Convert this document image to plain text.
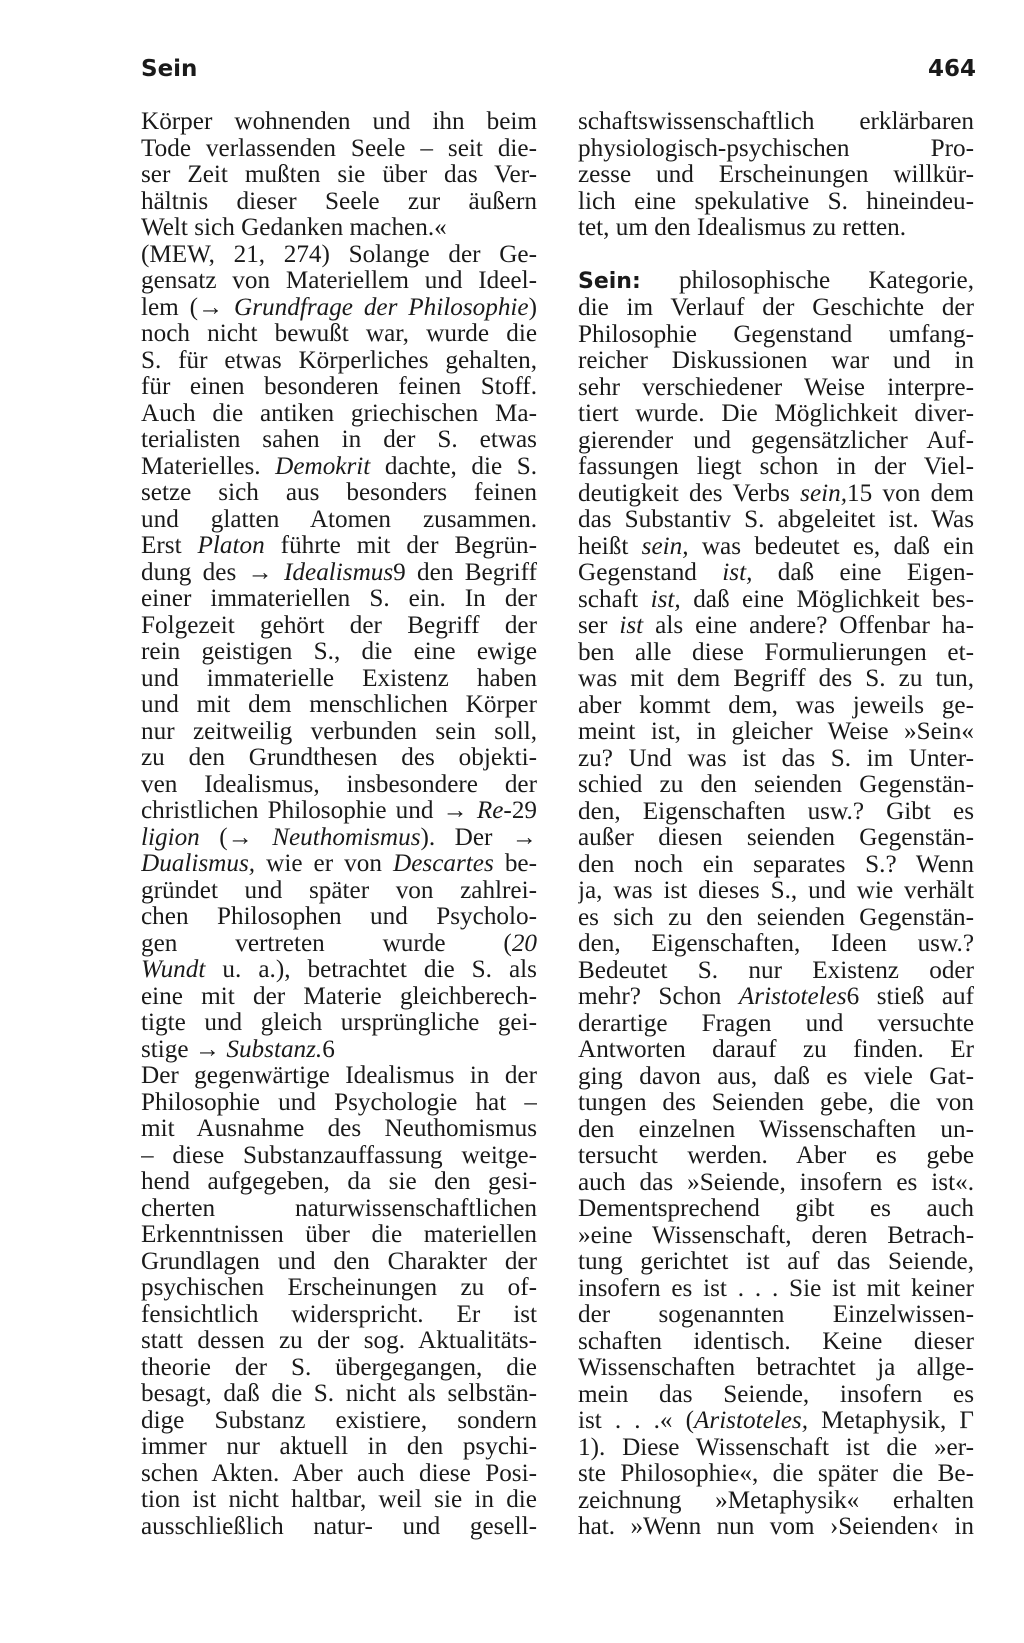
Sein	464
Körper wohnenden und ihn beim
Tode verlassenden Seele – seit die-
ser Zeit mußten sie über das Ver-
hältnis dieser Seele zur äußern
Welt sich Gedanken machen.«
(MEW, 21, 274) Solange der Ge-
gensatz von Materiellem und Ideel-
lem (→ Grundfrage der Philosophie)
noch nicht bewußt war, wurde die
S. für etwas Körperliches gehalten,
für einen besonderen feinen Stoff.
Auch die antiken griechischen Ma-
terialisten sahen in der S. etwas
Materielles. Demokrit dachte, die S.
setze sich aus besonders feinen
und glatten Atomen zusammen.
Erst Platon führte mit der Begrün-
dung des → Idealismus9 den Begriff
einer immateriellen S. ein. In der
Folgezeit gehört der Begriff der
rein geistigen S., die eine ewige
und immaterielle Existenz haben
und mit dem menschlichen Körper
nur zeitweilig verbunden sein soll,
zu den Grundthesen des objekti-
ven Idealismus, insbesondere der
christlichen Philosophie und → Re-29
ligion (→ Neuthomismus). Der →
Dualismus, wie er von Descartes be-
gründet und später von zahlrei-
chen Philosophen und Psycholo-
gen vertreten wurde (20
Wundt u. a.), betrachtet die S. als
eine mit der Materie gleichberech-
tigte und gleich ursprüngliche gei-
stige → Substanz.6
Der gegenwärtige Idealismus in der
Philosophie und Psychologie hat –
mit Ausnahme des Neuthomismus
– diese Substanzauffassung weitge-
hend aufgegeben, da sie den gesi-
cherten naturwissenschaftlichen
Erkenntnissen über die materiellen
Grundlagen und den Charakter der
psychischen Erscheinungen zu of-
fensichtlich widerspricht. Er ist
statt dessen zu der sog. Aktualitäts-
theorie der S. übergegangen, die
besagt, daß die S. nicht als selbstän-
dige Substanz existiere, sondern
immer nur aktuell in den psychi-
schen Akten. Aber auch diese Posi-
tion ist nicht haltbar, weil sie in die
ausschließlich natur- und gesell-
schaftswissenschaftlich erklärbaren
physiologisch-psychischen Pro-
zesse und Erscheinungen willkür-
lich eine spekulative S. hineindeu-
tet, um den Idealismus zu retten.
Sein: philosophische Kategorie,
die im Verlauf der Geschichte der
Philosophie Gegenstand umfang-
reicher Diskussionen war und in
sehr verschiedener Weise interpre-
tiert wurde. Die Möglichkeit diver-
gierender und gegensätzlicher Auf-
fassungen liegt schon in der Viel-
deutigkeit des Verbs sein,15 von dem
das Substantiv S. abgeleitet ist. Was
heißt sein, was bedeutet es, daß ein
Gegenstand ist, daß eine Eigen-
schaft ist, daß eine Möglichkeit bes-
ser ist als eine andere? Offenbar ha-
ben alle diese Formulierungen et-
was mit dem Begriff des S. zu tun,
aber kommt dem, was jeweils ge-
meint ist, in gleicher Weise »Sein«
zu? Und was ist das S. im Unter-
schied zu den seienden Gegenstän-
den, Eigenschaften usw.? Gibt es
außer diesen seienden Gegenstän-
den noch ein separates S.? Wenn
ja, was ist dieses S., und wie verhält
es sich zu den seienden Gegenstän-
den, Eigenschaften, Ideen usw.?
Bedeutet S. nur Existenz oder
mehr? Schon Aristoteles6 stieß auf
derartige Fragen und versuchte
Antworten darauf zu finden. Er
ging davon aus, daß es viele Gat-
tungen des Seienden gebe, die von
den einzelnen Wissenschaften un-
tersucht werden. Aber es gebe
auch das »Seiende, insofern es ist«.
Dementsprechend gibt es auch
»eine Wissenschaft, deren Betrach-
tung gerichtet ist auf das Seiende,
insofern es ist . . . Sie ist mit keiner
der sogenannten Einzelwissen-
schaften identisch. Keine dieser
Wissenschaften betrachtet ja allge-
mein das Seiende, insofern es
ist . . .« (Aristoteles, Metaphysik, Γ
1). Diese Wissenschaft ist die »er-
ste Philosophie«, die später die Be-
zeichnung »Metaphysik« erhalten
hat. »Wenn nun vom ›Seienden‹ in
